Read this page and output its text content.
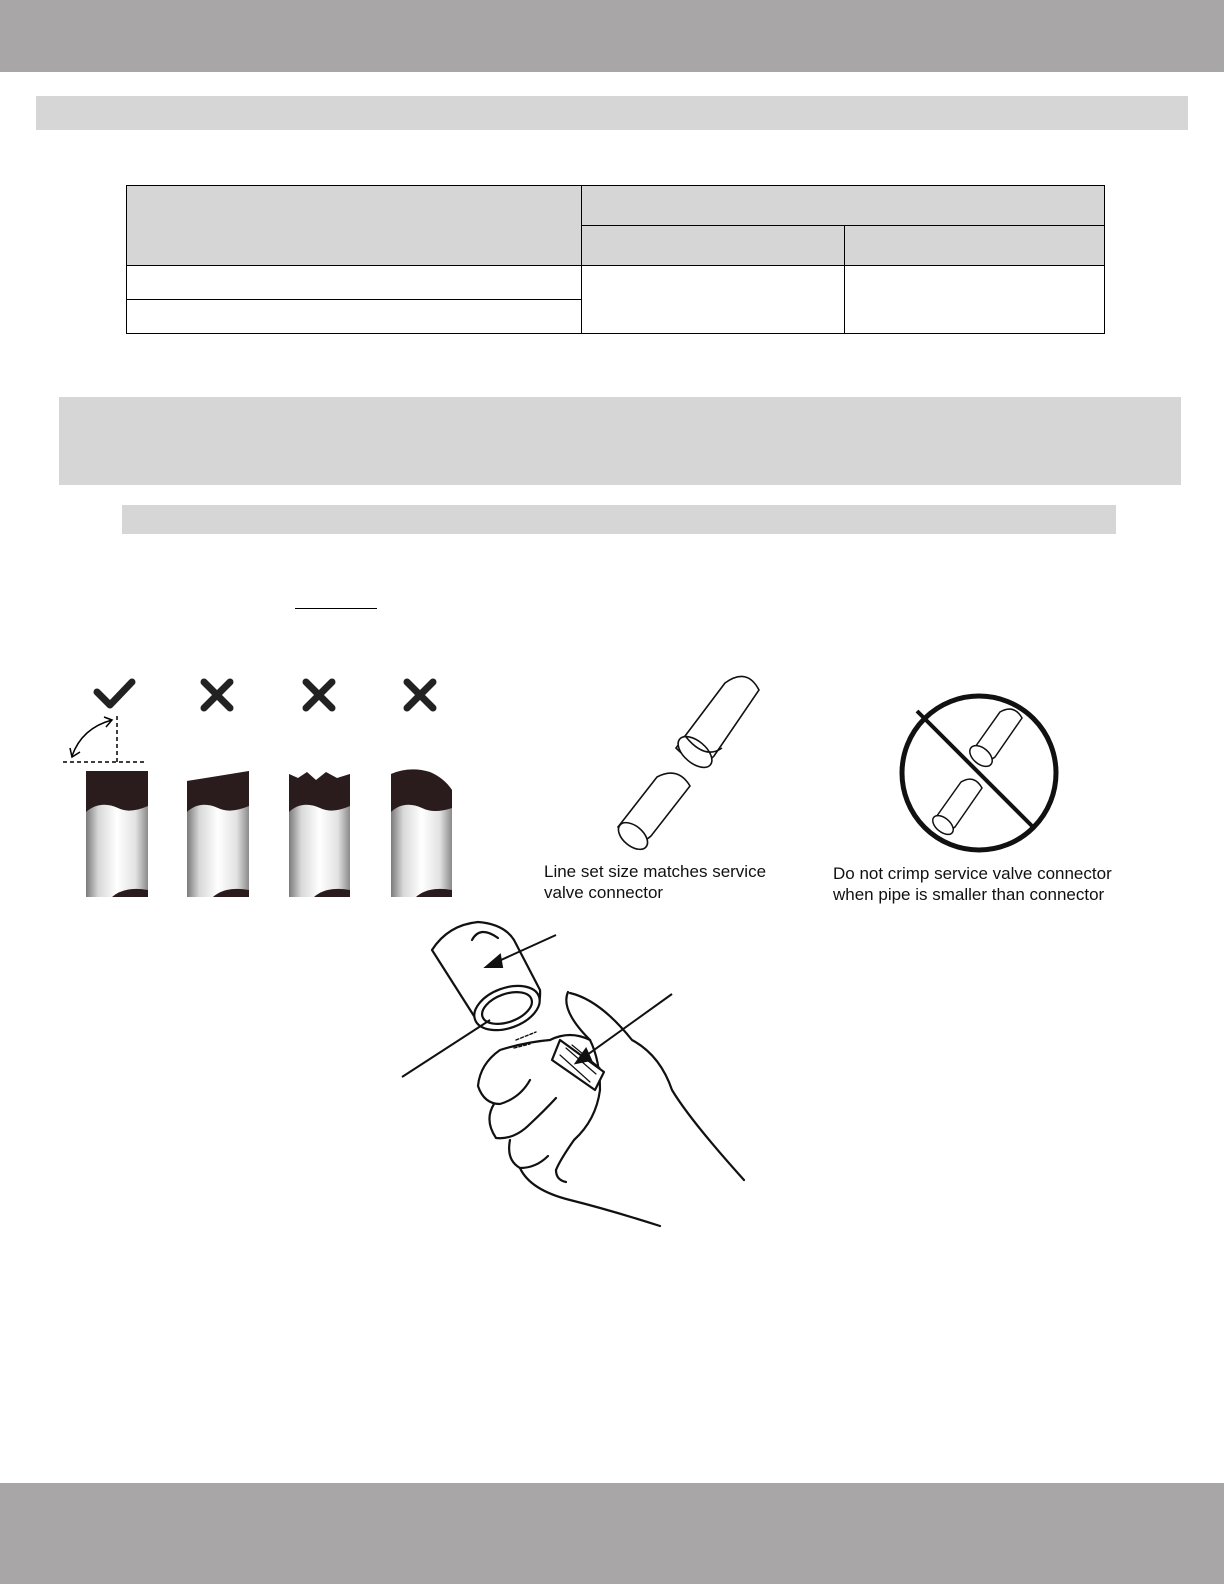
Line set size matches service
valve connector
Do not crimp service valve connector
when pipe is smaller than connector
